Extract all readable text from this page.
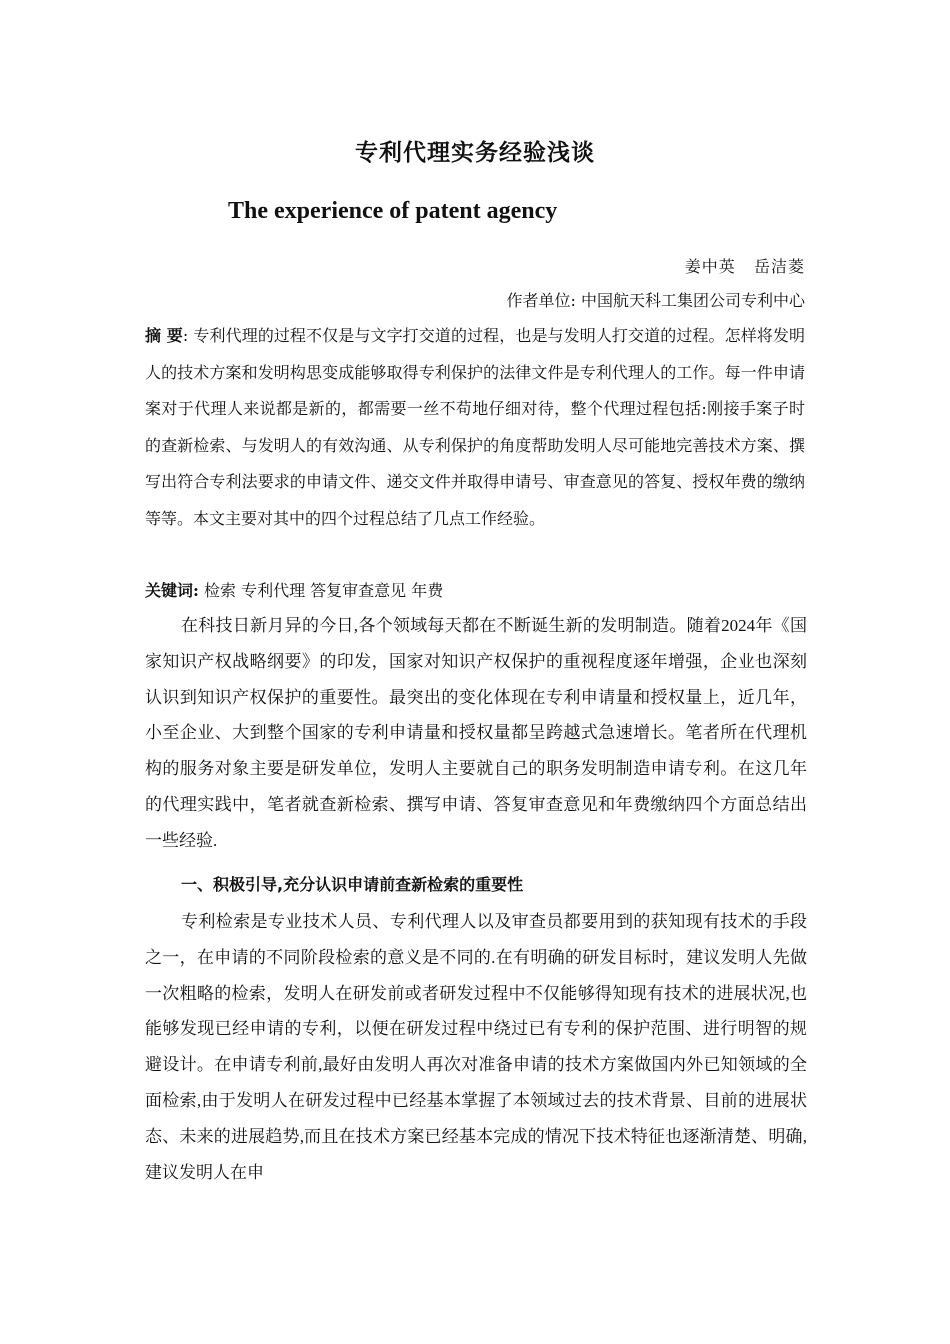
专利代理实务经验浅谈
The experience of patent agency
姜中英   岳洁菱
作者单位: 中国航天科工集团公司专利中心
摘 要: 专利代理的过程不仅是与文字打交道的过程，也是与发明人打交道的过程。怎样将发明人的技术方案和发明构思变成能够取得专利保护的法律文件是专利代理人的工作。每一件申请案对于代理人来说都是新的，都需要一丝不苟地仔细对待，整个代理过程包括:刚接手案子时的查新检索、与发明人的有效沟通、从专利保护的角度帮助发明人尽可能地完善技术方案、撰写出符合专利法要求的申请文件、递交文件并取得申请号、审查意见的答复、授权年费的缴纳等等。本文主要对其中的四个过程总结了几点工作经验。
关键词: 检索 专利代理 答复审查意见 年费
在科技日新月异的今日,各个领域每天都在不断诞生新的发明制造。随着2024年《国家知识产权战略纲要》的印发，国家对知识产权保护的重视程度逐年增强，企业也深刻认识到知识产权保护的重要性。最突出的变化体现在专利申请量和授权量上，近几年，小至企业、大到整个国家的专利申请量和授权量都呈跨越式急速增长。笔者所在代理机构的服务对象主要是研发单位，发明人主要就自己的职务发明制造申请专利。在这几年的代理实践中，笔者就查新检索、撰写申请、答复审查意见和年费缴纳四个方面总结出一些经验.
一、积极引导,充分认识申请前查新检索的重要性
专利检索是专业技术人员、专利代理人以及审查员都要用到的获知现有技术的手段之一，在申请的不同阶段检索的意义是不同的.在有明确的研发目标时，建议发明人先做一次粗略的检索，发明人在研发前或者研发过程中不仅能够得知现有技术的进展状况,也能够发现已经申请的专利，以便在研发过程中绕过已有专利的保护范围、进行明智的规避设计。在申请专利前,最好由发明人再次对准备申请的技术方案做国内外已知领域的全面检索,由于发明人在研发过程中已经基本掌握了本领域过去的技术背景、目前的进展状态、未来的进展趋势,而且在技术方案已经基本完成的情况下技术特征也逐渐清楚、明确,建议发明人在申
